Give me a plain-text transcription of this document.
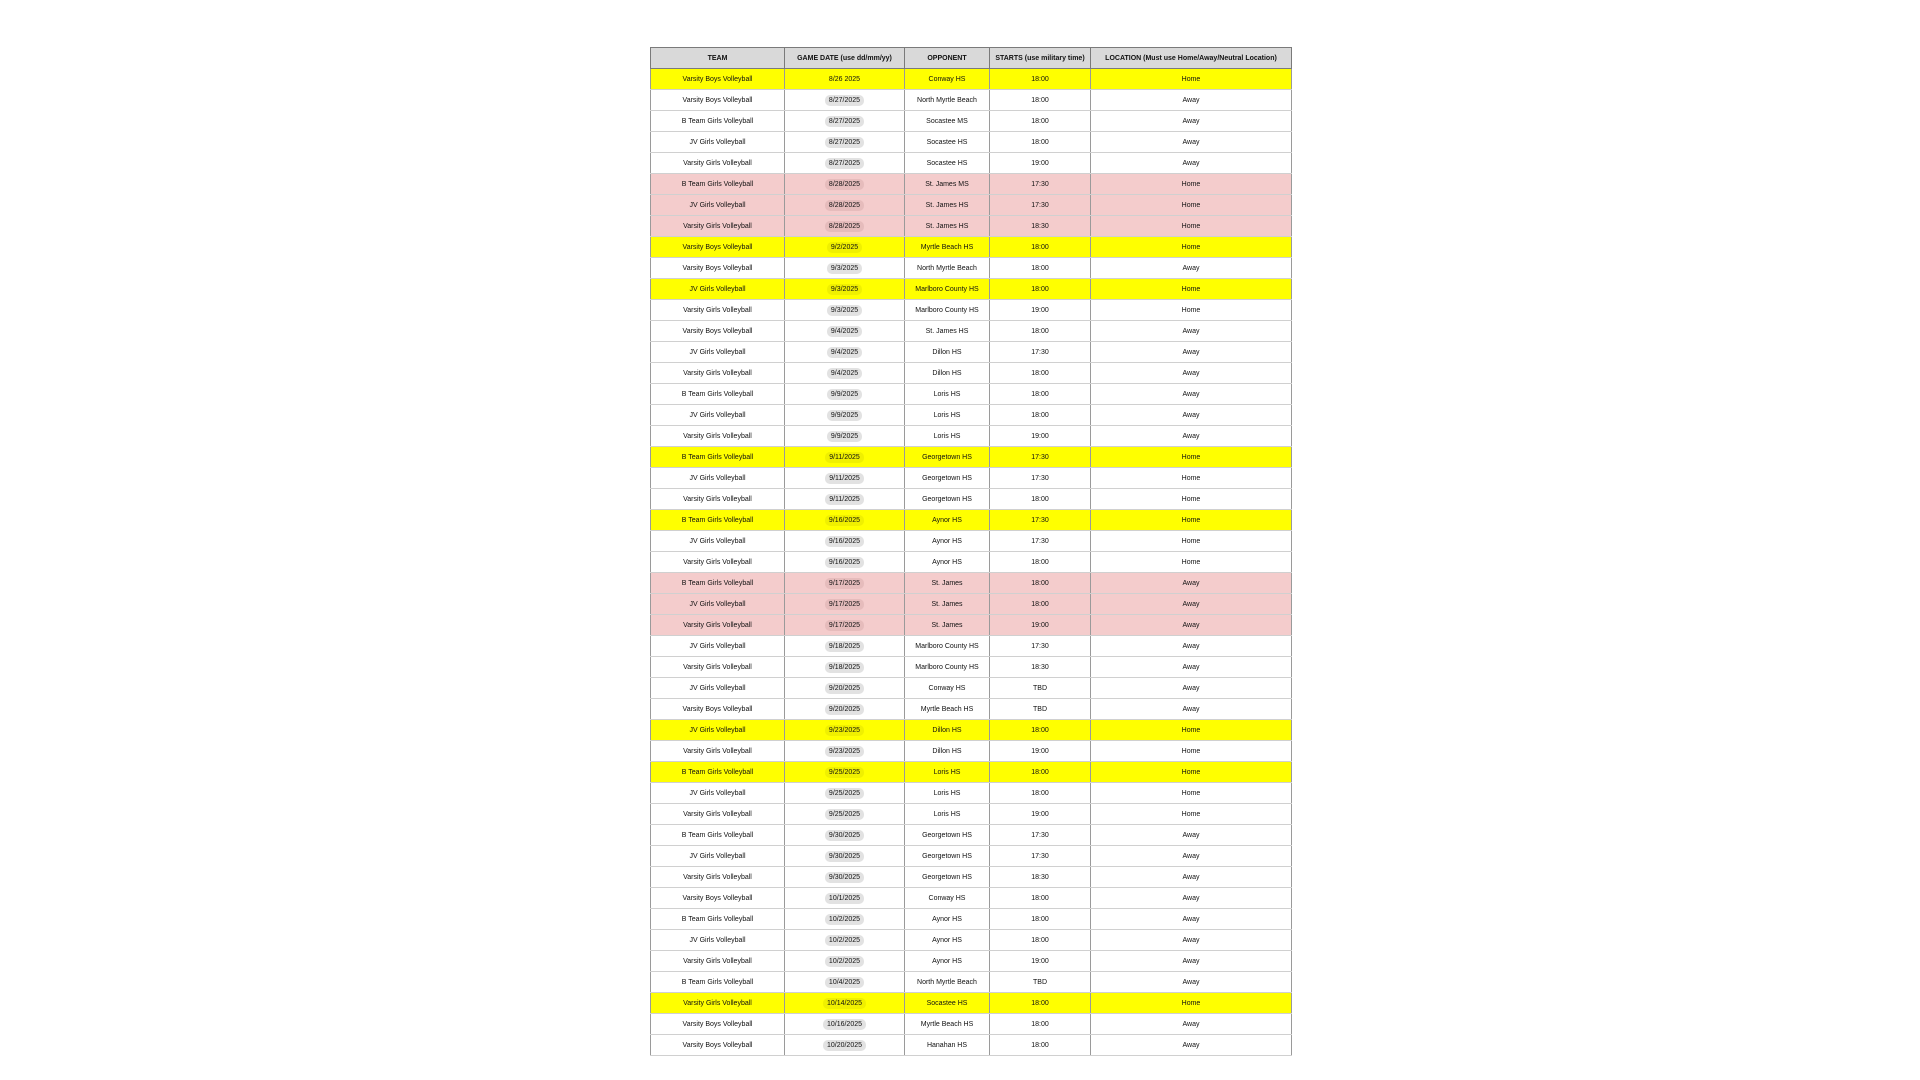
TEAM	GAME DATE (use dd/mm/yy)	OPPONENT	STARTS (use military time)	LOCATION (Must use Home/Away/Neutral Location)
Varsity Boys Volleyball	8/26 2025	Conway HS	18:00	Home
Varsity Boys Volleyball	8/27/2025	North Myrtle Beach	18:00	Away
B Team Girls Volleyball	8/27/2025	Socastee MS	18:00	Away
JV Girls Volleyball	8/27/2025	Socastee HS	18:00	Away
Varsity Girls Volleyball	8/27/2025	Socastee HS	19:00	Away
B Team Girls Volleyball	8/28/2025	St. James MS	17:30	Home
JV Girls Volleyball	8/28/2025	St. James HS	17:30	Home
Varsity Girls Volleyball	8/28/2025	St. James HS	18:30	Home
Varsity Boys Volleyball	9/2/2025	Myrtle Beach HS	18:00	Home
Varsity Boys Volleyball	9/3/2025	North Myrtle Beach	18:00	Away
JV Girls Volleyball	9/3/2025	Marlboro County HS	18:00	Home
Varsity Girls Volleyball	9/3/2025	Marlboro County HS	19:00	Home
Varsity Boys Volleyball	9/4/2025	St. James HS	18:00	Away
JV Girls Volleyball	9/4/2025	Dillon HS	17:30	Away
Varsity Girls Volleyball	9/4/2025	Dillon HS	18:00	Away
B Team Girls Volleyball	9/9/2025	Loris HS	18:00	Away
JV Girls Volleyball	9/9/2025	Loris HS	18:00	Away
Varsity Girls Volleyball	9/9/2025	Loris HS	19:00	Away
B Team Girls Volleyball	9/11/2025	Georgetown HS	17:30	Home
JV Girls Volleyball	9/11/2025	Georgetown HS	17:30	Home
Varsity Girls Volleyball	9/11/2025	Georgetown HS	18:00	Home
B Team Girls Volleyball	9/16/2025	Aynor HS	17:30	Home
JV Girls Volleyball	9/16/2025	Aynor HS	17:30	Home
Varsity Girls Volleyball	9/16/2025	Aynor HS	18:00	Home
B Team Girls Volleyball	9/17/2025	St. James	18:00	Away
JV Girls Volleyball	9/17/2025	St. James	18:00	Away
Varsity Girls Volleyball	9/17/2025	St. James	19:00	Away
JV Girls Volleyball	9/18/2025	Marlboro County HS	17:30	Away
Varsity Girls Volleyball	9/18/2025	Marlboro County HS	18:30	Away
JV Girls Volleyball	9/20/2025	Conway HS	TBD	Away
Varsity Boys Volleyball	9/20/2025	Myrtle Beach HS	TBD	Away
JV Girls Volleyball	9/23/2025	Dillon HS	18:00	Home
Varsity Girls Volleyball	9/23/2025	Dillon HS	19:00	Home
B Team Girls Volleyball	9/25/2025	Loris HS	18:00	Home
JV Girls Volleyball	9/25/2025	Loris HS	18:00	Home
Varsity Girls Volleyball	9/25/2025	Loris HS	19:00	Home
B Team Girls Volleyball	9/30/2025	Georgetown HS	17:30	Away
JV Girls Volleyball	9/30/2025	Georgetown HS	17:30	Away
Varsity Girls Volleyball	9/30/2025	Georgetown HS	18:30	Away
Varsity Boys Volleyball	10/1/2025	Conway HS	18:00	Away
B Team Girls Volleyball	10/2/2025	Aynor HS	18:00	Away
JV Girls Volleyball	10/2/2025	Aynor HS	18:00	Away
Varsity Girls Volleyball	10/2/2025	Aynor HS	19:00	Away
B Team Girls Volleyball	10/4/2025	North Myrtle Beach	TBD	Away
Varsity Girls Volleyball	10/14/2025	Socastee HS	18:00	Home
Varsity Boys Volleyball	10/16/2025	Myrtle Beach HS	18:00	Away
Varsity Boys Volleyball	10/20/2025	Hanahan HS	18:00	Away
